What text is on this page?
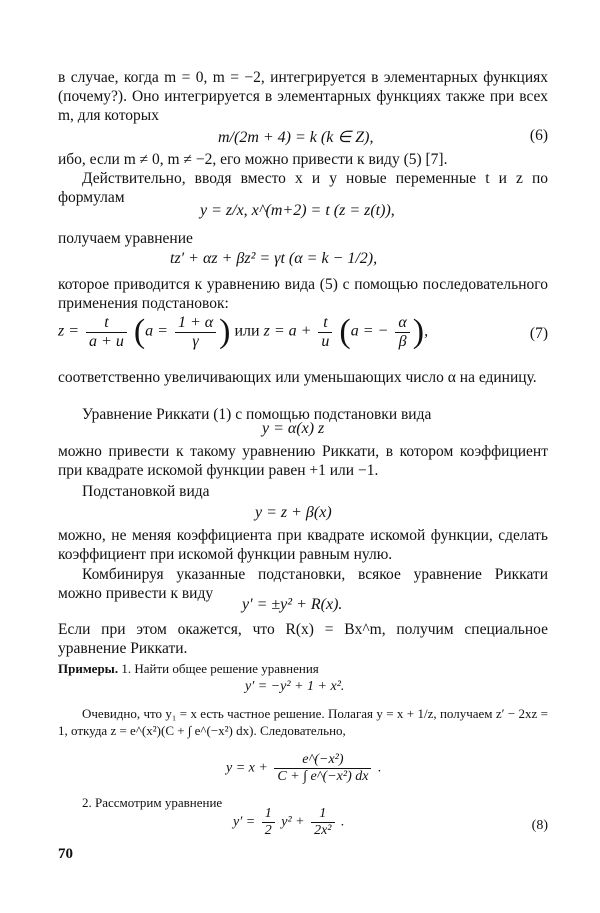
в случае, когда m = 0, m = −2, интегрируется в элементарных функциях (почему?). Оно интегрируется в элементарных функциях также при всех m, для которых
m/(2m + 4) = k (k ∈ Z),	(6)
ибо, если m ≠ 0, m ≠ −2, его можно привести к виду (5) [7].
Действительно, вводя вместо x и y новые переменные t и z по формулам
y = z/x, x^(m+2) = t (z = z(t)),
получаем уравнение
tz′ + αz + βz² = γt (α = k − 1/2),
которое приводится к уравнению вида (5) с помощью последовательного применения подстановок:
$z = \frac{t}{a + u} (a = \frac{1 + \alpha}{\gamma}$ ) или $z = a + \frac{t}{u} (a$ = − $\frac{\alpha}{\beta}$ ),	(7)
соответственно увеличивающих или уменьшающих число α на единицу.
Уравнение Риккати (1) с помощью подстановки вида
y = α(x) z
можно привести к такому уравнению Риккати, в котором коэффициент при квадрате искомой функции равен +1 или −1.
Подстановкой вида
y = z + β(x)
можно, не меняя коэффициента при квадрате искомой функции, сделать коэффициент при искомой функции равным нулю.
Комбинируя указанные подстановки, всякое уравнение Риккати можно привести к виду
y′ = ±y² + R(x).
Если при этом окажется, что R(x) = Bx^m, получим специальное уравнение Риккати.
Примеры. 1. Найти общее решение уравнения
y′ = −y² + 1 + x².
Очевидно, что y₁ = x есть частное решение. Полагая y = x + 1/z, получаем z′ − 2xz = 1, откуда z = e^(x²)(C + ∫ e^(−x²) dx). Следовательно,
$y = x + \frac{\text{e\textasciicircum{}(−x²)}}{\text{C + ∫ e\textasciicircum{}(−x²) dx}}$ .
2. Рассмотрим уравнение
$y' = \frac{1}{2} y^2 + \frac{1}{\text{2x²}}$ .	(8)
70
